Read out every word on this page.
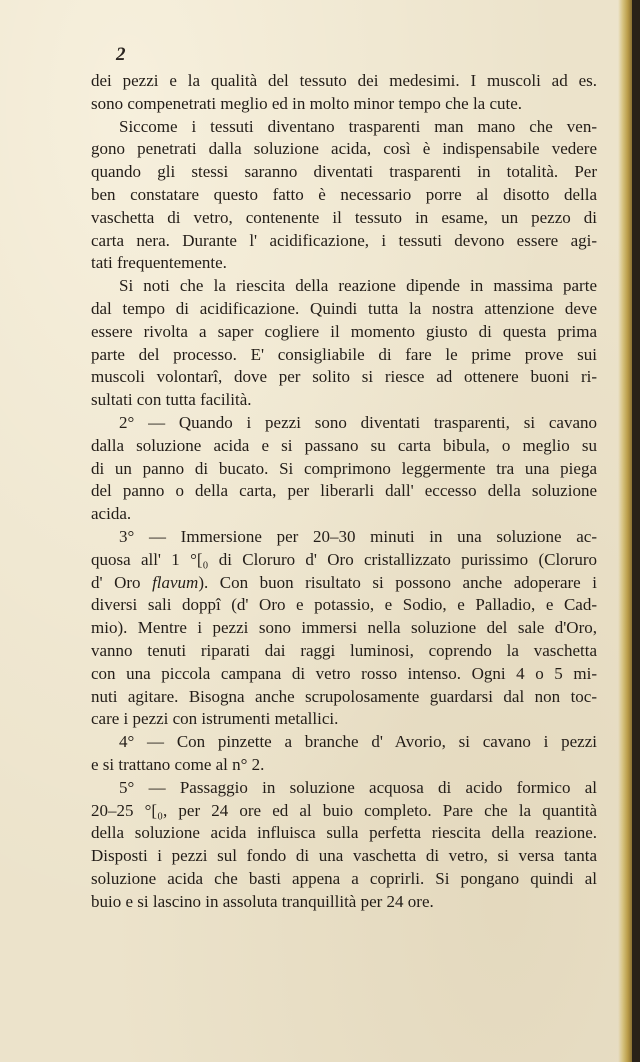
2
dei pezzi e la qualità del tessuto dei medesimi. I muscoli ad es.
sono compenetrati meglio ed in molto minor tempo che la cute.
Siccome i tessuti diventano trasparenti man mano che ven-
gono penetrati dalla soluzione acida, così è indispensabile vedere
quando gli stessi saranno diventati trasparenti in totalità. Per
ben constatare questo fatto è necessario porre al disotto della
vaschetta di vetro, contenente il tessuto in esame, un pezzo di
carta nera. Durante l' acidificazione, i tessuti devono essere agi-
tati frequentemente.
Si noti che la riescita della reazione dipende in massima parte
dal tempo di acidificazione. Quindi tutta la nostra attenzione deve
essere rivolta a saper cogliere il momento giusto di questa prima
parte del processo. E' consigliabile di fare le prime prove sui
muscoli volontarî, dove per solito si riesce ad ottenere buoni ri-
sultati con tutta facilità.
2° — Quando i pezzi sono diventati trasparenti, si cavano
dalla soluzione acida e si passano su carta bibula, o meglio su
di un panno di bucato. Si comprimono leggermente tra una piega
del panno o della carta, per liberarli dall' eccesso della soluzione
acida.
3° — Immersione per 20–30 minuti in una soluzione ac-
quosa all' 1 °[₀ di Cloruro d' Oro cristallizzato purissimo (Cloruro
d' Oro flavum). Con buon risultato si possono anche adoperare i
diversi sali doppî (d' Oro e potassio, e Sodio, e Palladio, e Cad-
mio). Mentre i pezzi sono immersi nella soluzione del sale d'Oro,
vanno tenuti riparati dai raggi luminosi, coprendo la vaschetta
con una piccola campana di vetro rosso intenso. Ogni 4 o 5 mi-
nuti agitare. Bisogna anche scrupolosamente guardarsi dal non toc-
care i pezzi con istrumenti metallici.
4° — Con pinzette a branche d' Avorio, si cavano i pezzi
e si trattano come al n° 2.
5° — Passaggio in soluzione acquosa di acido formico al
20–25 °[₀, per 24 ore ed al buio completo. Pare che la quantità
della soluzione acida influisca sulla perfetta riescita della reazione.
Disposti i pezzi sul fondo di una vaschetta di vetro, si versa tanta
soluzione acida che basti appena a coprirli. Si pongano quindi al
buio e si lascino in assoluta tranquillità per 24 ore.
